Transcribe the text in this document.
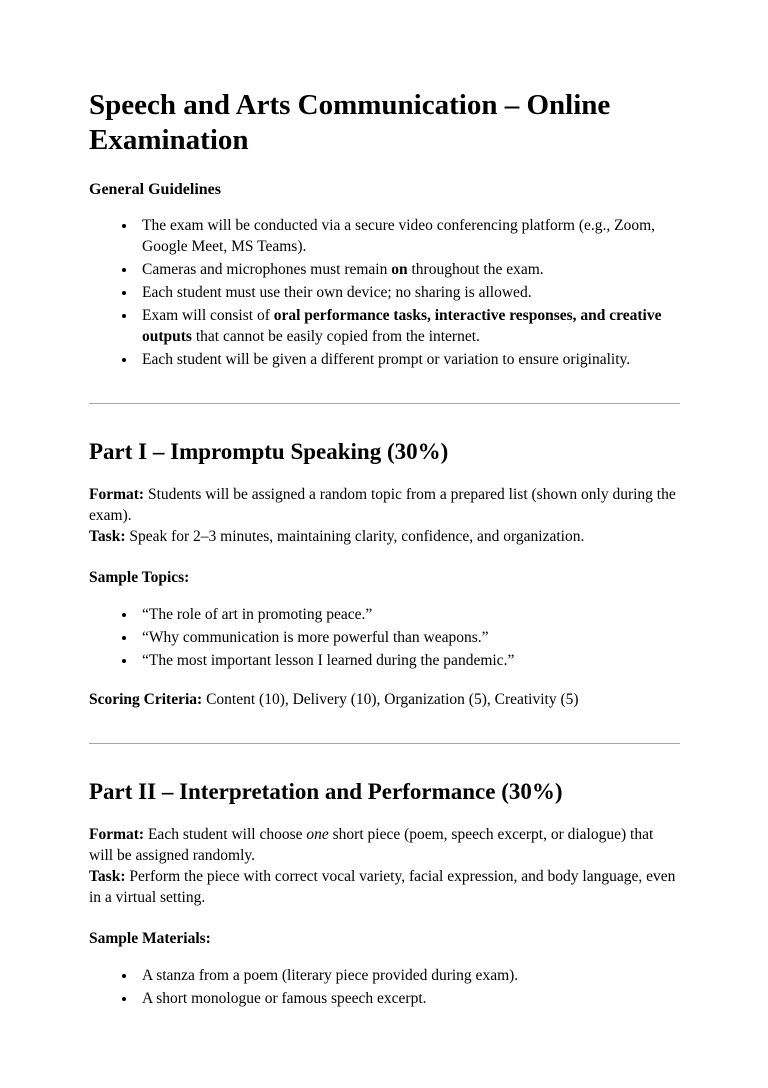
Speech and Arts Communication – Online Examination
General Guidelines
• The exam will be conducted via a secure video conferencing platform (e.g., Zoom, Google Meet, MS Teams).
• Cameras and microphones must remain on throughout the exam.
• Each student must use their own device; no sharing is allowed.
• Exam will consist of oral performance tasks, interactive responses, and creative outputs that cannot be easily copied from the internet.
• Each student will be given a different prompt or variation to ensure originality.
Part I – Impromptu Speaking (30%)

Format: Students will be assigned a random topic from a prepared list (shown only during the exam).
Task: Speak for 2–3 minutes, maintaining clarity, confidence, and organization.

Sample Topics:

• “The role of art in promoting peace.”
• “Why communication is more powerful than weapons.”
• “The most important lesson I learned during the pandemic.”

Scoring Criteria: Content (10), Delivery (10), Organization (5), Creativity (5)

Part II – Interpretation and Performance (30%)

Format: Each student will choose one short piece (poem, speech excerpt, or dialogue) that will be assigned randomly.
Task: Perform the piece with correct vocal variety, facial expression, and body language, even in a virtual setting.

Sample Materials:

• A stanza from a poem (literary piece provided during exam).
• A short monologue or famous speech excerpt.
